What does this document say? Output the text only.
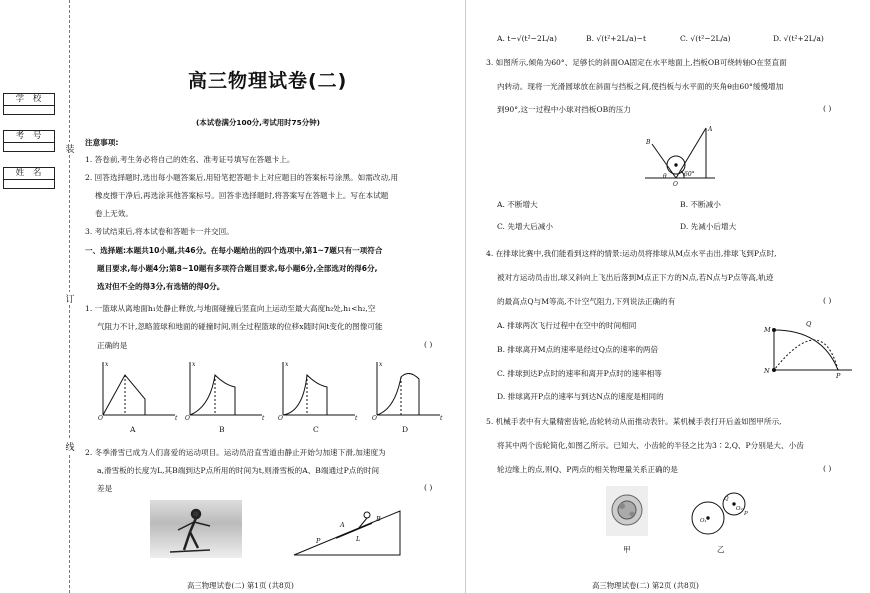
装
订
线
学 校
考 号
姓 名
高三物理试卷(二)
(本试卷满分100分,考试用时75分钟)
注意事项:
1. 答卷前,考生务必将自己的姓名、准考证号填写在答题卡上。
2. 回答选择题时,选出每小题答案后,用铅笔把答题卡上对应题目的答案标号涂黑。如需改动,用
橡皮擦干净后,再选涂其他答案标号。回答非选择题时,将答案写在答题卡上。写在本试题
卷上无效。
3. 考试结束后,将本试卷和答题卡一并交回。
一、选择题:本题共10小题,共46分。在每小题给出的四个选项中,第1~7题只有一项符合
题目要求,每小题4分;第8~10题有多项符合题目要求,每小题6分,全部选对的得6分,
选对但不全的得3分,有选错的得0分。
1. 一篮球从离地面h₁处静止释放,与地面碰撞后竖直向上运动至最大高度h₂处,h₁<h₂,空
气阻力不计,忽略篮球和地面的碰撞时间,则全过程篮球的位移x随时间t变化的图像可能
正确的是	( )
O
x
t O
x
t O
x
t O
x
t
A	B	C	D
2. 冬季滑雪已成为人们喜爱的运动项目。运动员沿直雪道由静止开始匀加速下滑,加速度为
a,滑雪板的长度为L,其B端到达P点所用的时间为t,则滑雪板的A、B端通过P点的时间
差是	( )
P
A
B
L
高三物理试卷(二) 第1页 (共8页)
A. t−√(t²−2L/a)	B. √(t²+2L/a)−t	C. √(t²−2L/a)	D. √(t²+2L/a)
3. 如图所示,倾角为60°、足够长的斜面OA固定在水平地面上,挡板OB可绕转轴O在竖直面
内转动。现将一光滑圆球放在斜面与挡板之间,使挡板与水平面的夹角θ由60°缓慢增加
到90°,这一过程中小球对挡板OB的压力	( )
B
A
θ	60°
O
A. 不断增大	B. 不断减小
C. 先增大后减小	D. 先减小后增大
4. 在排球比赛中,我们能看到这样的情景:运动员将排球从M点水平击出,排球飞到P点时,
被对方运动员击出,球又斜向上飞出后落到M点正下方的N点,若N点与P点等高,轨迹
的最高点Q与M等高,不计空气阻力,下列说法正确的有	( )
A. 排球两次飞行过程中在空中的时间相同
B. 排球离开M点的速率是经过Q点的速率的两倍
C. 排球到达P点时的速率和离开P点时的速率相等
D. 排球离开P点的速率与到达N点的速度是相同的
M
N
Q
P
5. 机械手表中有大量精密齿轮,齿轮转动从而推动表针。某机械手表打开后盖如图甲所示,
将其中两个齿轮简化,如图乙所示。已知大、小齿轮的半径之比为3∶2,Q、P分别是大、小齿
轮边缘上的点,则Q、P两点的相关物理量关系正确的是	( )
甲
O₁
O₂
Q
P
乙
高三物理试卷(二) 第2页 (共8页)
